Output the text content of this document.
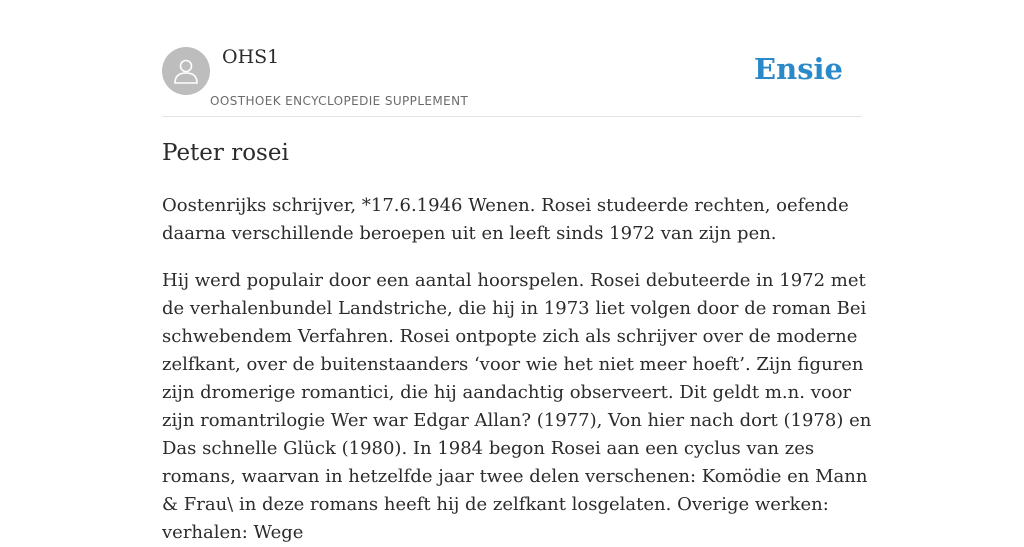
OHS1
OOSTHOEK ENCYCLOPEDIE SUPPLEMENT
Ensie
Peter rosei

Oostenrijks schrijver, *17.6.1946 Wenen. Rosei studeerde rechten, oefende daarna verschillende beroepen uit en leeft sinds 1972 van zijn pen.

Hij werd populair door een aantal hoorspelen. Rosei debuteerde in 1972 met de verhalenbundel Landstriche, die hij in 1973 liet volgen door de roman Bei schwebendem Verfahren. Rosei ontpopte zich als schrijver over de moderne zelfkant, over de buitenstaanders ‘voor wie het niet meer hoeft’. Zijn figuren zijn dromerige romantici, die hij aandachtig observeert. Dit geldt m.n. voor zijn romantrilogie Wer war Edgar Allan? (1977), Von hier nach dort (1978) en Das schnelle Glück (1980). In 1984 begon Rosei aan een cyclus van zes romans, waarvan in hetzelfde jaar twee delen verschenen: Komödie en Mann & Frau\ in deze romans heeft hij de zelfkant losgelaten. Overige werken: verhalen: Wege
